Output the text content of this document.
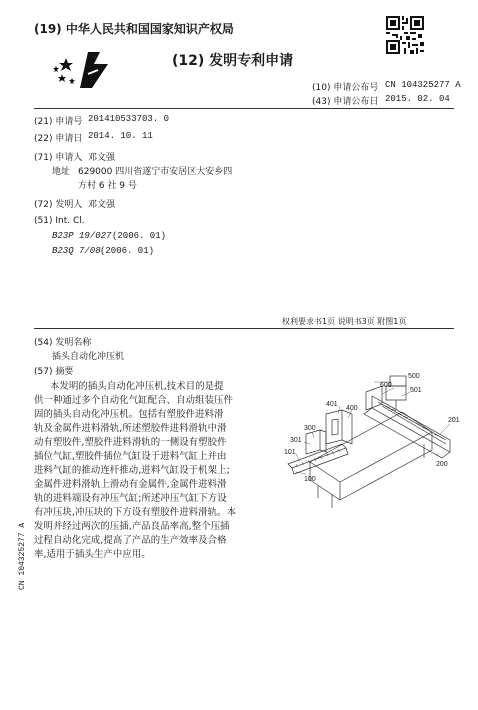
(19) 中华人民共和国国家知识产权局
(12) 发明专利申请
(10) 申请公布号 CN 104325277 A
(43) 申请公布日 2015. 02. 04
(21) 申请号 201410533703. 0
(22) 申请日 2014. 10. 11
(71) 申请人 邓文强
地址 629000 四川省遂宁市安居区大安乡四
方村 6 社 9 号
(72) 发明人 邓文强
(51) Int. Cl.
B23P 19/027 (2006. 01)
B23Q 7/08 (2006. 01)
权利要求书1页 说明书3页 附图1页
(54) 发明名称
插头自动化冲压机
(57) 摘要
本发明的插头自动化冲压机,技术目的是提
供一种通过多个自动化气缸配合、自动组装压件
固的插头自动化冲压机。包括有塑胶件进料滑
轨及金属件进料滑轨,所述塑胶件进料滑轨中滑
动有塑胶件,塑胶件进料滑轨的一侧设有塑胶件
插位气缸,塑胶件插位气缸设于进料气缸上并由
进料气缸的推动连杆推动,进料气缸设于机架上;
金属件进料滑轨上滑动有金属件,金属件进料滑
轨的进料端设有冲压气缸;所述冲压气缸下方设
有冲压块,冲压块的下方设有塑胶件进料滑轨。本
发明并经过两次的压插,产品良品率高,整个压插
过程自动化完成,提高了产品的生产效率及合格
率,适用于插头生产中应用。
500
600
501
401
400
201
300
301
101
200
100
CN 104325277 A
